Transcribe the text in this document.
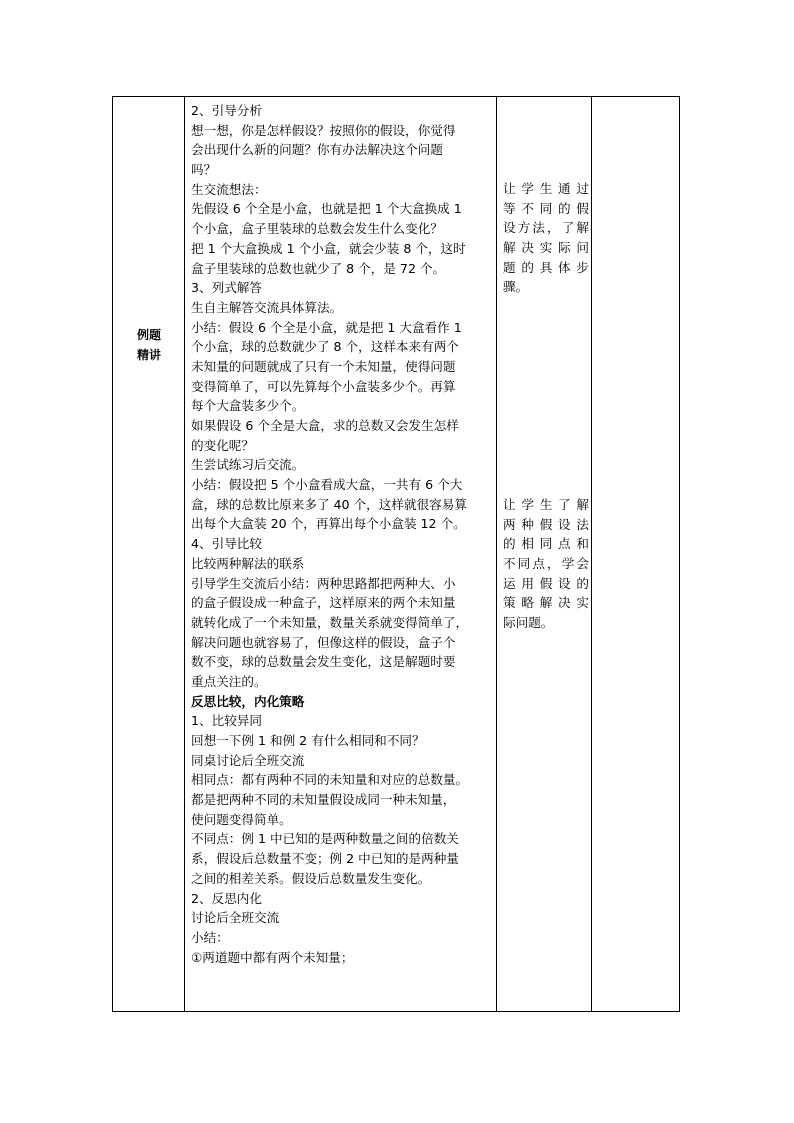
例题
精讲
2、引导分析
想一想，你是怎样假设？按照你的假设，你觉得
会出现什么新的问题？你有办法解决这个问题
吗？
生交流想法：
先假设 6 个全是小盒，也就是把 1 个大盒换成 1
个小盒，盒子里装球的总数会发生什么变化？
把 1 个大盒换成 1 个小盒，就会少装 8 个，这时
盒子里装球的总数也就少了 8 个，是 72 个。
3、列式解答
生自主解答交流具体算法。
小结：假设 6 个全是小盒，就是把 1 大盒看作 1
个小盒，球的总数就少了 8 个，这样本来有两个
未知量的问题就成了只有一个未知量，使得问题
变得简单了，可以先算每个小盒装多少个。再算
每个大盒装多少个。
如果假设 6 个全是大盒，求的总数又会发生怎样
的变化呢？
生尝试练习后交流。
小结：假设把 5 个小盒看成大盒，一共有 6 个大
盒，球的总数比原来多了 40 个，这样就很容易算
出每个大盒装 20 个，再算出每个小盒装 12 个。
4、引导比较
比较两种解法的联系
引导学生交流后小结：两种思路都把两种大、小
的盒子假设成一种盒子，这样原来的两个未知量
就转化成了一个未知量，数量关系就变得简单了，
解决问题也就容易了，但像这样的假设，盒子个
数不变，球的总数量会发生变化，这是解题时要
重点关注的。
反思比较，内化策略
1、比较异同
回想一下例 1 和例 2 有什么相同和不同？
同桌讨论后全班交流
相同点：都有两种不同的未知量和对应的总数量。
都是把两种不同的未知量假设成同一种未知量，
使问题变得简单。
不同点：例 1 中已知的是两种数量之间的倍数关
系，假设后总数量不变；例 2 中已知的是两种量
之间的相差关系。假设后总数量发生变化。
2、反思内化
讨论后全班交流
小结：
①两道题中都有两个未知量；
让学生通过
等不同的假
设方法，了解
解决实际问
题的具体步
骤。
让学生了解
两种假设法
的相同点和
不同点，学会
运用假设的
策略解决实
际问题。
